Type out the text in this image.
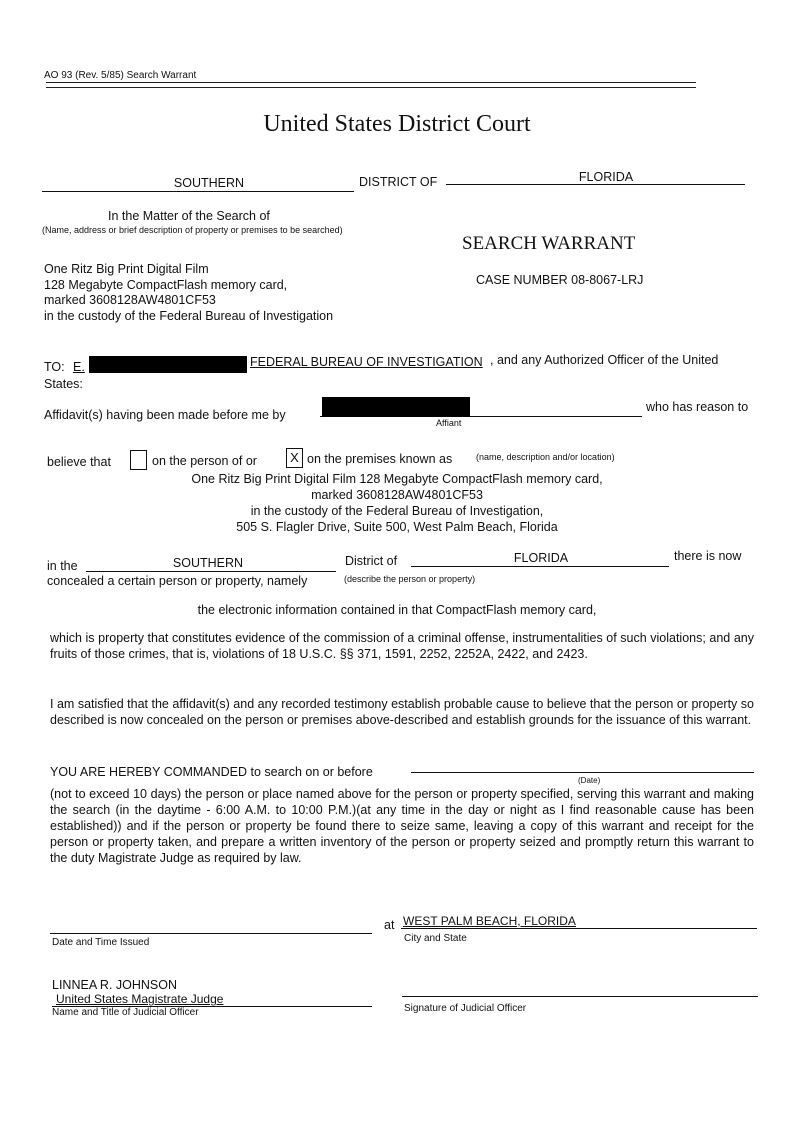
AO 93 (Rev. 5/85) Search Warrant
United States District Court
SOUTHERN	DISTRICT OF	FLORIDA
In the Matter of the Search of
(Name, address or brief description of property or premises to be searched)
SEARCH WARRANT
CASE NUMBER 08-8067-LRJ
One Ritz Big Print Digital Film
128 Megabyte CompactFlash memory card,
marked 3608128AW4801CF53
in the custody of the Federal Bureau of Investigation
TO: E.	FEDERAL BUREAU OF INVESTIGATION , and any Authorized Officer of the United
States:
Affidavit(s) having been made before me by
Affiant
who has reason to
believe that	on the person of or	X on the premises known as	(name, description and/or location)
One Ritz Big Print Digital Film 128 Megabyte CompactFlash memory card,
marked 3608128AW4801CF53
in the custody of the Federal Bureau of Investigation,
505 S. Flagler Drive, Suite 500, West Palm Beach, Florida
in the	SOUTHERN	District of	FLORIDA	there is now
concealed a certain person or property, namely	(describe the person or property)
the electronic information contained in that CompactFlash memory card,
which is property that constitutes evidence of the commission of a criminal offense, instrumentalities of such violations; and any fruits of those crimes, that is, violations of 18 U.S.C. §§ 371, 1591, 2252, 2252A, 2422, and 2423.
I am satisfied that the affidavit(s) and any recorded testimony establish probable cause to believe that the person or property so described is now concealed on the person or premises above-described and establish grounds for the issuance of this warrant.
YOU ARE HEREBY COMMANDED to search on or before
(Date)
(not to exceed 10 days) the person or place named above for the person or property specified, serving this warrant and making the search (in the daytime - 6:00 A.M. to 10:00 P.M.)(at any time in the day or night as I find reasonable cause has been established)) and if the person or property be found there to seize same, leaving a copy of this warrant and receipt for the person or property taken, and prepare a written inventory of the person or property seized and promptly return this warrant to the duty Magistrate Judge as required by law.
Date and Time Issued
at WEST PALM BEACH, FLORIDA
City and State
LINNEA R. JOHNSON
United States Magistrate Judge
Name and Title of Judicial Officer	Signature of Judicial Officer
